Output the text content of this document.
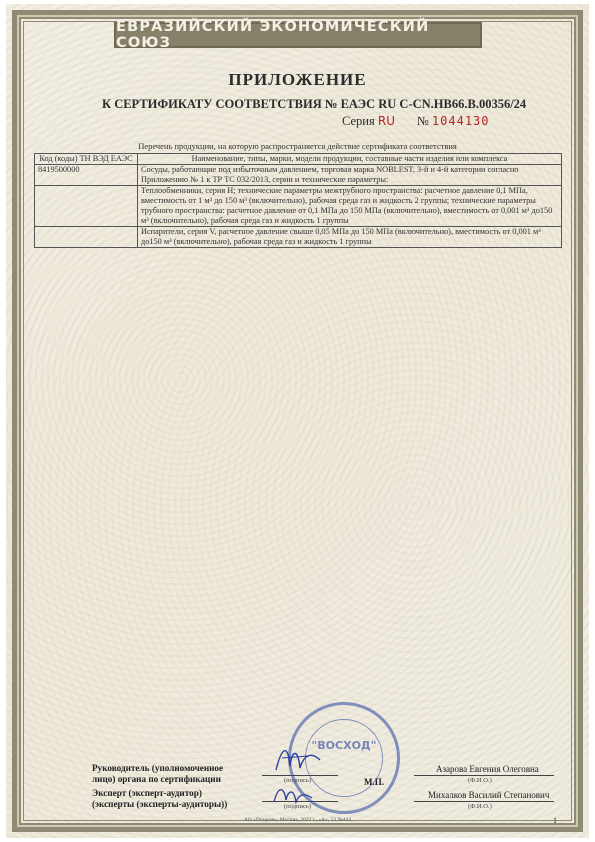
ЕВРАЗИЙСКИЙ ЭКОНОМИЧЕСКИЙ СОЮЗ
ПРИЛОЖЕНИЕ
К СЕРТИФИКАТУ СООТВЕТСТВИЯ № ЕАЭС RU C-CN.НВ66.В.00356/24
Серия RU № 1044130
Перечень продукции, на которую распространяется действие сертификата соответствия
Код (коды) ТН ВЭД ЕАЭС	Наименование, типы, марки, модели продукции, составные части изделия или комплекса
8419500000	Сосуды, работающие под избыточным давлением, торговая марка NOBLEST, 3-й и 4-й категории согласно Приложению № 1 к ТР ТС 032/2013, серии и технические параметры:
	Теплообменники, серия H; технические параметры межтрубного пространства: расчетное давление 0,1 МПа, вместимость от 1 м³ до 150 м³ (включительно), рабочая среда газ и жидкость 2 группы; технические параметры трубного пространства: расчетное давление от 0,1 МПа до 150 МПа (включительно), вместимость от 0,001 м³ до150 м³ (включительно), рабочая среда газ и жидкость 1 группы
	Испарители, серия V, расчетное давление свыше 0,05 МПа до 150 МПа (включительно), вместимость от 0,001 м³ до150 м³ (включительно), рабочая среда газ и жидкость 1 группы
Руководитель (уполномоченное
лицо) органа по сертификации	(подпись)
Азарова Евгения Олеговна
(Ф.И.О.)
М.П.
Эксперт (эксперт-аудитор)
(эксперты (эксперты-аудиторы))	(подпись)
Михалков Василий Степанович
(Ф.И.О.)
"ВОСХОД"
АО «Опцион», Москва, 2022 г., «А», 13 №444	1
